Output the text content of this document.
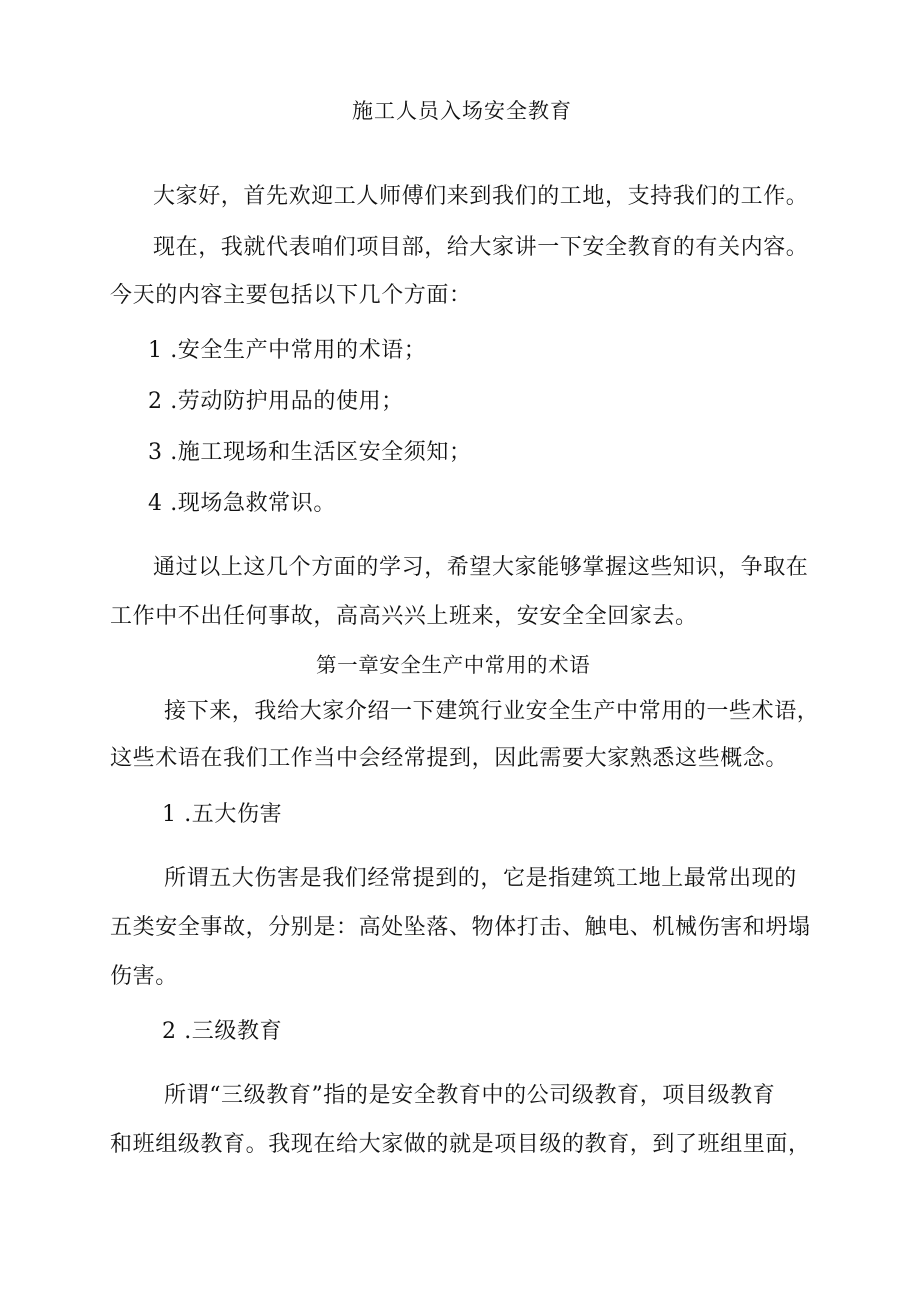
施工人员入场安全教育

大家好，首先欢迎工人师傅们来到我们的工地，支持我们的工作。

现在，我就代表咱们项目部，给大家讲一下安全教育的有关内容。

今天的内容主要包括以下几个方面：

1 .安全生产中常用的术语；

2 .劳动防护用品的使用；

3 .施工现场和生活区安全须知；

4 .现场急救常识。

通过以上这几个方面的学习，希望大家能够掌握这些知识，争取在

工作中不出任何事故，高高兴兴上班来，安安全全回家去。

第一章安全生产中常用的术语

接下来，我给大家介绍一下建筑行业安全生产中常用的一些术语，

这些术语在我们工作当中会经常提到，因此需要大家熟悉这些概念。

1 .五大伤害

所谓五大伤害是我们经常提到的，它是指建筑工地上最常出现的

五类安全事故，分别是：高处坠落、物体打击、触电、机械伤害和坍塌

伤害。

2 .三级教育

所谓“三级教育”指的是安全教育中的公司级教育，项目级教育

和班组级教育。我现在给大家做的就是项目级的教育，到了班组里面，
